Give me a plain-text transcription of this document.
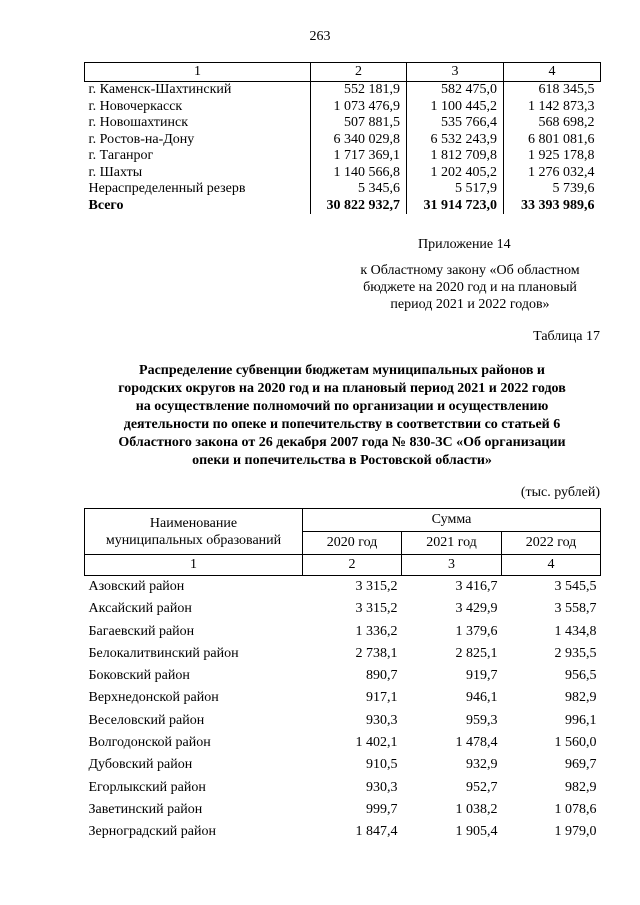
263
1	2	3	4
г. Каменск-Шахтинский	552 181,9	582 475,0	618 345,5
г. Новочеркасск	1 073 476,9	1 100 445,2	1 142 873,3
г. Новошахтинск	507 881,5	535 766,4	568 698,2
г. Ростов-на-Дону	6 340 029,8	6 532 243,9	6 801 081,6
г. Таганрог	1 717 369,1	1 812 709,8	1 925 178,8
г. Шахты	1 140 566,8	1 202 405,2	1 276 032,4
Нераспределенный резерв	5 345,6	5 517,9	5 739,6
Всего	30 822 932,7	31 914 723,0	33 393 989,6
Приложение 14
к Областному закону «Об областном
бюджете на 2020 год и на плановый
период 2021 и 2022 годов»
Таблица 17
Распределение субвенции бюджетам муниципальных районов и
городских округов на 2020 год и на плановый период 2021 и 2022 годов
на осуществление полномочий по организации и осуществлению
деятельности по опеке и попечительству в соответствии со статьей 6
Областного закона от 26 декабря 2007 года № 830-ЗС «Об организации
опеки и попечительства в Ростовской области»
(тыс. рублей)
Наименование
муниципальных образований	Сумма		
	2020 год	2021 год	2022 год
1	2	3	4
Азовский район	3 315,2	3 416,7	3 545,5
Аксайский район	3 315,2	3 429,9	3 558,7
Багаевский район	1 336,2	1 379,6	1 434,8
Белокалитвинский район	2 738,1	2 825,1	2 935,5
Боковский район	890,7	919,7	956,5
Верхнедонской район	917,1	946,1	982,9
Веселовский район	930,3	959,3	996,1
Волгодонской район	1 402,1	1 478,4	1 560,0
Дубовский район	910,5	932,9	969,7
Егорлыкский район	930,3	952,7	982,9
Заветинский район	999,7	1 038,2	1 078,6
Зерноградский район	1 847,4	1 905,4	1 979,0
